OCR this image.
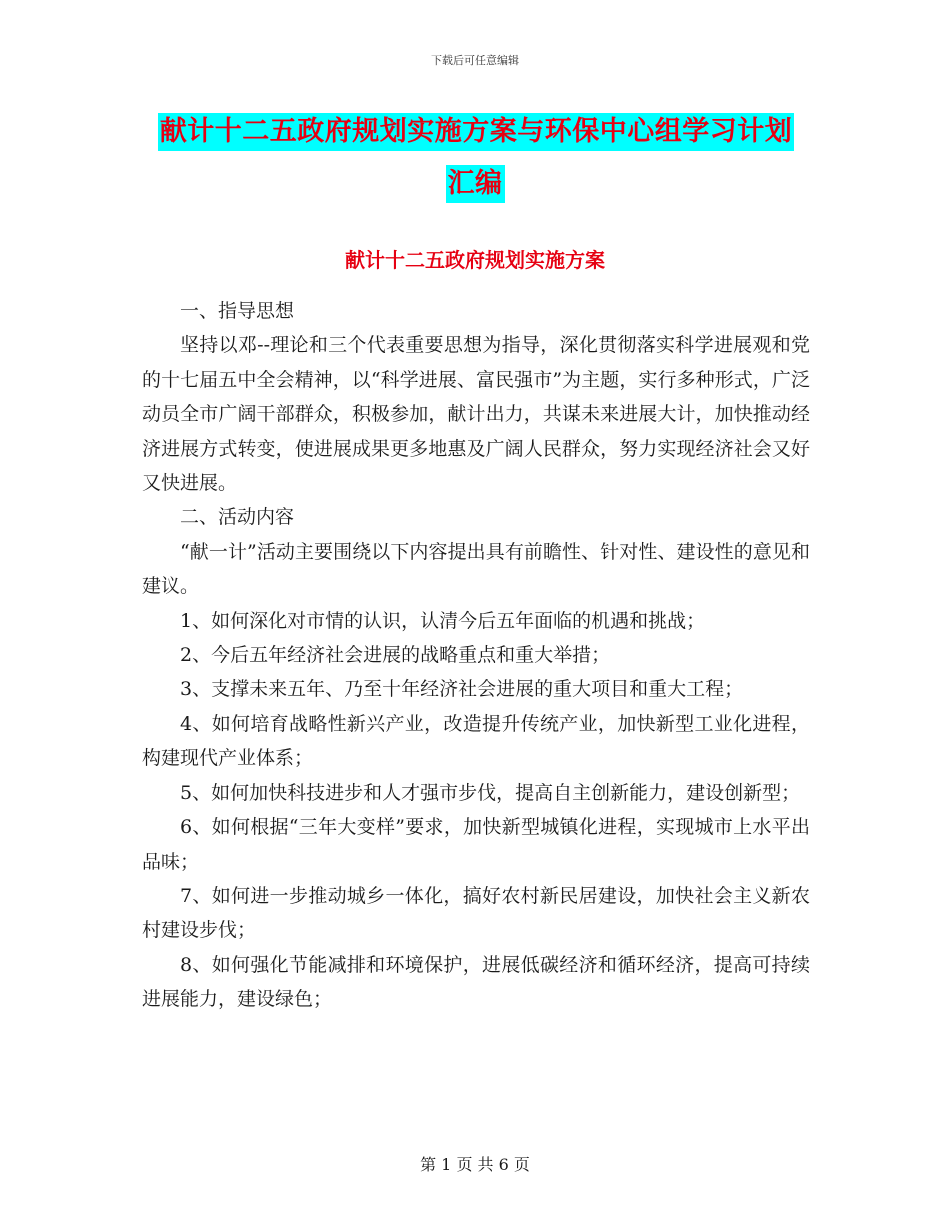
下载后可任意编辑
献计十二五政府规划实施方案与环保中心组学习计划
汇编
献计十二五政府规划实施方案

一、指导思想

坚持以邓--理论和三个代表重要思想为指导，深化贯彻落实科学进展观和党的十七届五中全会精神，以“科学进展、富民强市”为主题，实行多种形式，广泛动员全市广阔干部群众，积极参加，献计出力，共谋未来进展大计，加快推动经济进展方式转变，使进展成果更多地惠及广阔人民群众，努力实现经济社会又好又快进展。

二、活动内容

“献一计”活动主要围绕以下内容提出具有前瞻性、针对性、建设性的意见和建议。

1、如何深化对市情的认识，认清今后五年面临的机遇和挑战；

2、今后五年经济社会进展的战略重点和重大举措；

3、支撑未来五年、乃至十年经济社会进展的重大项目和重大工程；

4、如何培育战略性新兴产业，改造提升传统产业，加快新型工业化进程，构建现代产业体系；

5、如何加快科技进步和人才强市步伐，提高自主创新能力，建设创新型；

6、如何根据“三年大变样”要求，加快新型城镇化进程，实现城市上水平出品味；

7、如何进一步推动城乡一体化，搞好农村新民居建设，加快社会主义新农村建设步伐；

8、如何强化节能减排和环境保护，进展低碳经济和循环经济，提高可持续进展能力，建设绿色；

第 1 页 共 6 页
